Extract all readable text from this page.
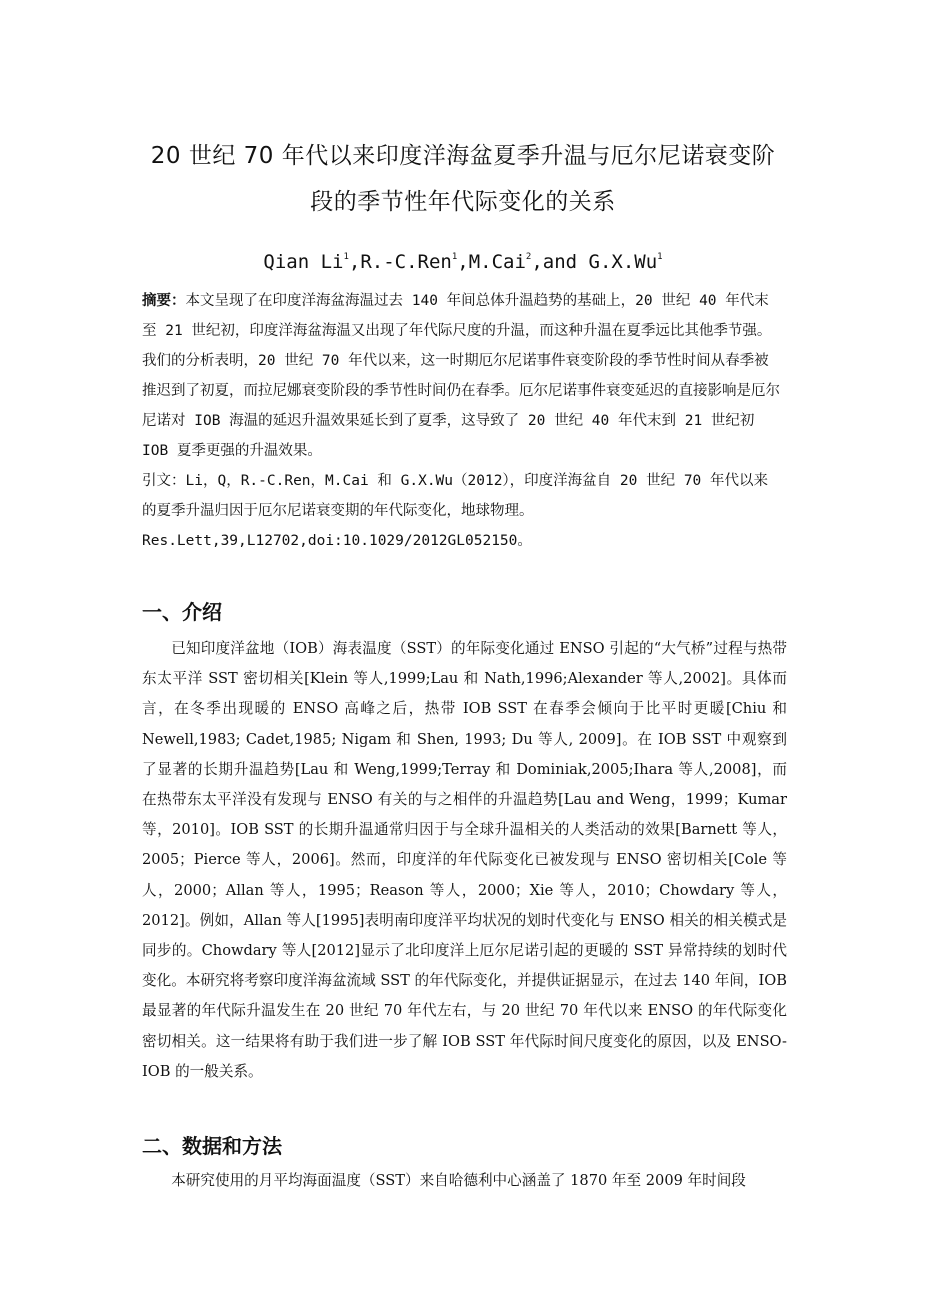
20 世纪 70 年代以来印度洋海盆夏季升温与厄尔尼诺衰变阶
段的季节性年代际变化的关系
Qian Li$^1$,R.-C.Ren$^1$,M.Cai$^2$,and G.X.Wu$^1$

摘要：本文呈现了在印度洋海盆海温过去 140 年间总体升温趋势的基础上，20 世纪 40 年代末至 21 世纪初，印度洋海盆海温又出现了年代际尺度的升温，而这种升温在夏季远比其他季节强。我们的分析表明，20 世纪 70 年代以来，这一时期厄尔尼诺事件衰变阶段的季节性时间从春季被推迟到了初夏，而拉尼娜衰变阶段的季节性时间仍在春季。厄尔尼诺事件衰变延迟的直接影响是厄尔尼诺对 IOB 海温的延迟升温效果延长到了夏季，这导致了 20 世纪 40 年代末到 21 世纪初 IOB 夏季更强的升温效果。

引文：Li，Q，R.-C.Ren，M.Cai 和 G.X.Wu（2012），印度洋海盆自 20 世纪 70 年代以来的夏季升温归因于厄尔尼诺衰变期的年代际变化，地球物理。

Res.Lett,39,L12702,doi:10.1029/2012GL052150。

一、介绍

已知印度洋盆地（IOB）海表温度（SST）的年际变化通过 ENSO 引起的“大气桥”过程与热带东太平洋 SST 密切相关[Klein 等人,1999;Lau 和 Nath,1996;Alexander 等人,2002]。具体而言，在冬季出现暖的 ENSO 高峰之后，热带 IOB SST 在春季会倾向于比平时更暖[Chiu 和 Newell,1983; Cadet,1985; Nigam 和 Shen, 1993; Du 等人, 2009]。在 IOB SST 中观察到了显著的长期升温趋势[Lau 和 Weng,1999;Terray 和 Dominiak,2005;Ihara 等人,2008]，而在热带东太平洋没有发现与 ENSO 有关的与之相伴的升温趋势[Lau and Weng，1999；Kumar 等，2010]。IOB SST 的长期升温通常归因于与全球升温相关的人类活动的效果[Barnett 等人，2005；Pierce 等人，2006]。然而，印度洋的年代际变化已被发现与 ENSO 密切相关[Cole 等人，2000；Allan 等人，1995；Reason 等人，2000；Xie 等人，2010；Chowdary 等人，2012]。例如，Allan 等人[1995]表明南印度洋平均状况的划时代变化与 ENSO 相关的相关模式是同步的。Chowdary 等人[2012]显示了北印度洋上厄尔尼诺引起的更暖的 SST 异常持续的划时代变化。本研究将考察印度洋海盆流域 SST 的年代际变化，并提供证据显示，在过去 140 年间，IOB 最显著的年代际升温发生在 20 世纪 70 年代左右，与 20 世纪 70 年代以来 ENSO 的年代际变化密切相关。这一结果将有助于我们进一步了解 IOB SST 年代际时间尺度变化的原因，以及 ENSO-IOB 的一般关系。

二、数据和方法

本研究使用的月平均海面温度（SST）来自哈德利中心涵盖了 1870 年至 2009 年时间段
